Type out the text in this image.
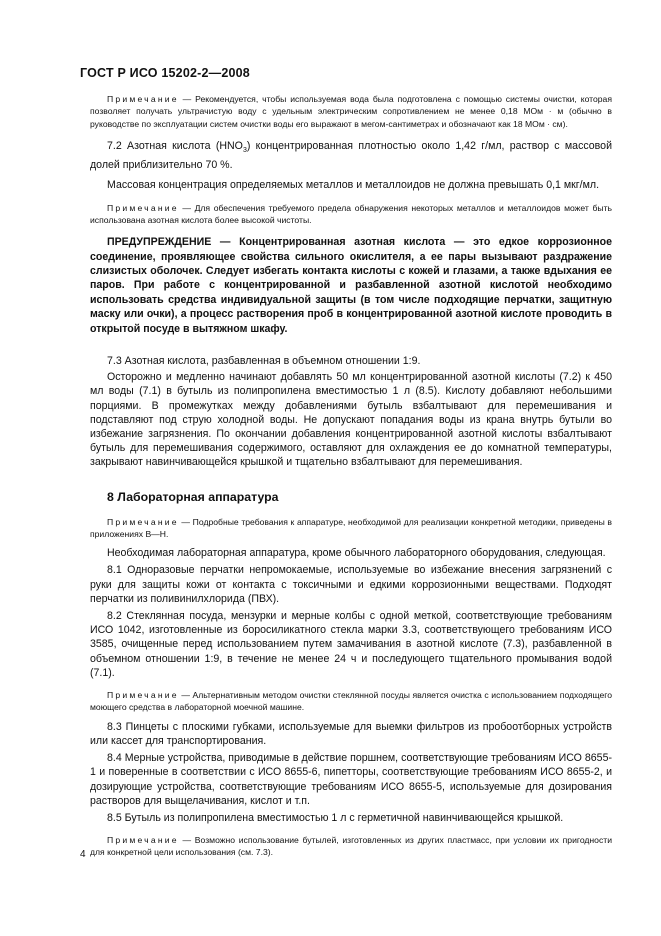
ГОСТ Р ИСО 15202-2—2008

Примечание — Рекомендуется, чтобы используемая вода была подготовлена с помощью системы очистки, которая позволяет получать ультрачистую воду с удельным электрическим сопротивлением не менее 0,18 МОм · м (обычно в руководстве по эксплуатации систем очистки воды его выражают в мегом-сантиметрах и обозначают как 18 МОм · см).

7.2 Азотная кислота $(HNO_3)$ концентрированная плотностью около 1,42 г/мл, раствор с массовой долей приблизительно 70 %.

Массовая концентрация определяемых металлов и металлоидов не должна превышать 0,1 мкг/мл.

Примечание — Для обеспечения требуемого предела обнаружения некоторых металлов и металлоидов может быть использована азотная кислота более высокой чистоты.

ПРЕДУПРЕЖДЕНИЕ — Концентрированная азотная кислота — это едкое коррозионное соединение, проявляющее свойства сильного окислителя, а ее пары вызывают раздражение слизистых оболочек. Следует избегать контакта кислоты с кожей и глазами, а также вдыхания ее паров. При работе с концентрированной и разбавленной азотной кислотой необходимо использовать средства индивидуальной защиты (в том числе подходящие перчатки, защитную маску или очки), а процесс растворения проб в концентрированной азотной кислоте проводить в открытой посуде в вытяжном шкафу.

7.3 Азотная кислота, разбавленная в объемном отношении 1:9.

Осторожно и медленно начинают добавлять 50 мл концентрированной азотной кислоты (7.2) к 450 мл воды (7.1) в бутыль из полипропилена вместимостью 1 л (8.5). Кислоту добавляют небольшими порциями. В промежутках между добавлениями бутыль взбалтывают для перемешивания и подставляют под струю холодной воды. Не допускают попадания воды из крана внутрь бутыли во избежание загрязнения. По окончании добавления концентрированной азотной кислоты взбалтывают бутыль для перемешивания содержимого, оставляют для охлаждения ее до комнатной температуры, закрывают навинчивающейся крышкой и тщательно взбалтывают для перемешивания.

8 Лабораторная аппаратура

Примечание — Подробные требования к аппаратуре, необходимой для реализации конкретной методики, приведены в приложениях В—Н.

Необходимая лабораторная аппаратура, кроме обычного лабораторного оборудования, следующая.

8.1 Одноразовые перчатки непромокаемые, используемые во избежание внесения загрязнений с руки для защиты кожи от контакта с токсичными и едкими коррозионными веществами. Подходят перчатки из поливинилхлорида (ПВХ).

8.2 Стеклянная посуда, мензурки и мерные колбы с одной меткой, соответствующие требованиям ИСО 1042, изготовленные из боросиликатного стекла марки 3.3, соответствующего требованиям ИСО 3585, очищенные перед использованием путем замачивания в азотной кислоте (7.3), разбавленной в объемном отношении 1:9, в течение не менее 24 ч и последующего тщательного промывания водой (7.1).

Примечание — Альтернативным методом очистки стеклянной посуды является очистка с использованием подходящего моющего средства в лабораторной моечной машине.

8.3 Пинцеты с плоскими губками, используемые для выемки фильтров из пробоотборных устройств или кассет для транспортирования.

8.4 Мерные устройства, приводимые в действие поршнем, соответствующие требованиям ИСО 8655-1 и поверенные в соответствии с ИСО 8655-6, пипетторы, соответствующие требованиям ИСО 8655-2, и дозирующие устройства, соответствующие требованиям ИСО 8655-5, используемые для дозирования растворов для выщелачивания, кислот и т.п.

8.5 Бутыль из полипропилена вместимостью 1 л с герметичной навинчивающейся крышкой.

Примечание — Возможно использование бутылей, изготовленных из других пластмасс, при условии их пригодности для конкретной цели использования (см. 7.3).

4
